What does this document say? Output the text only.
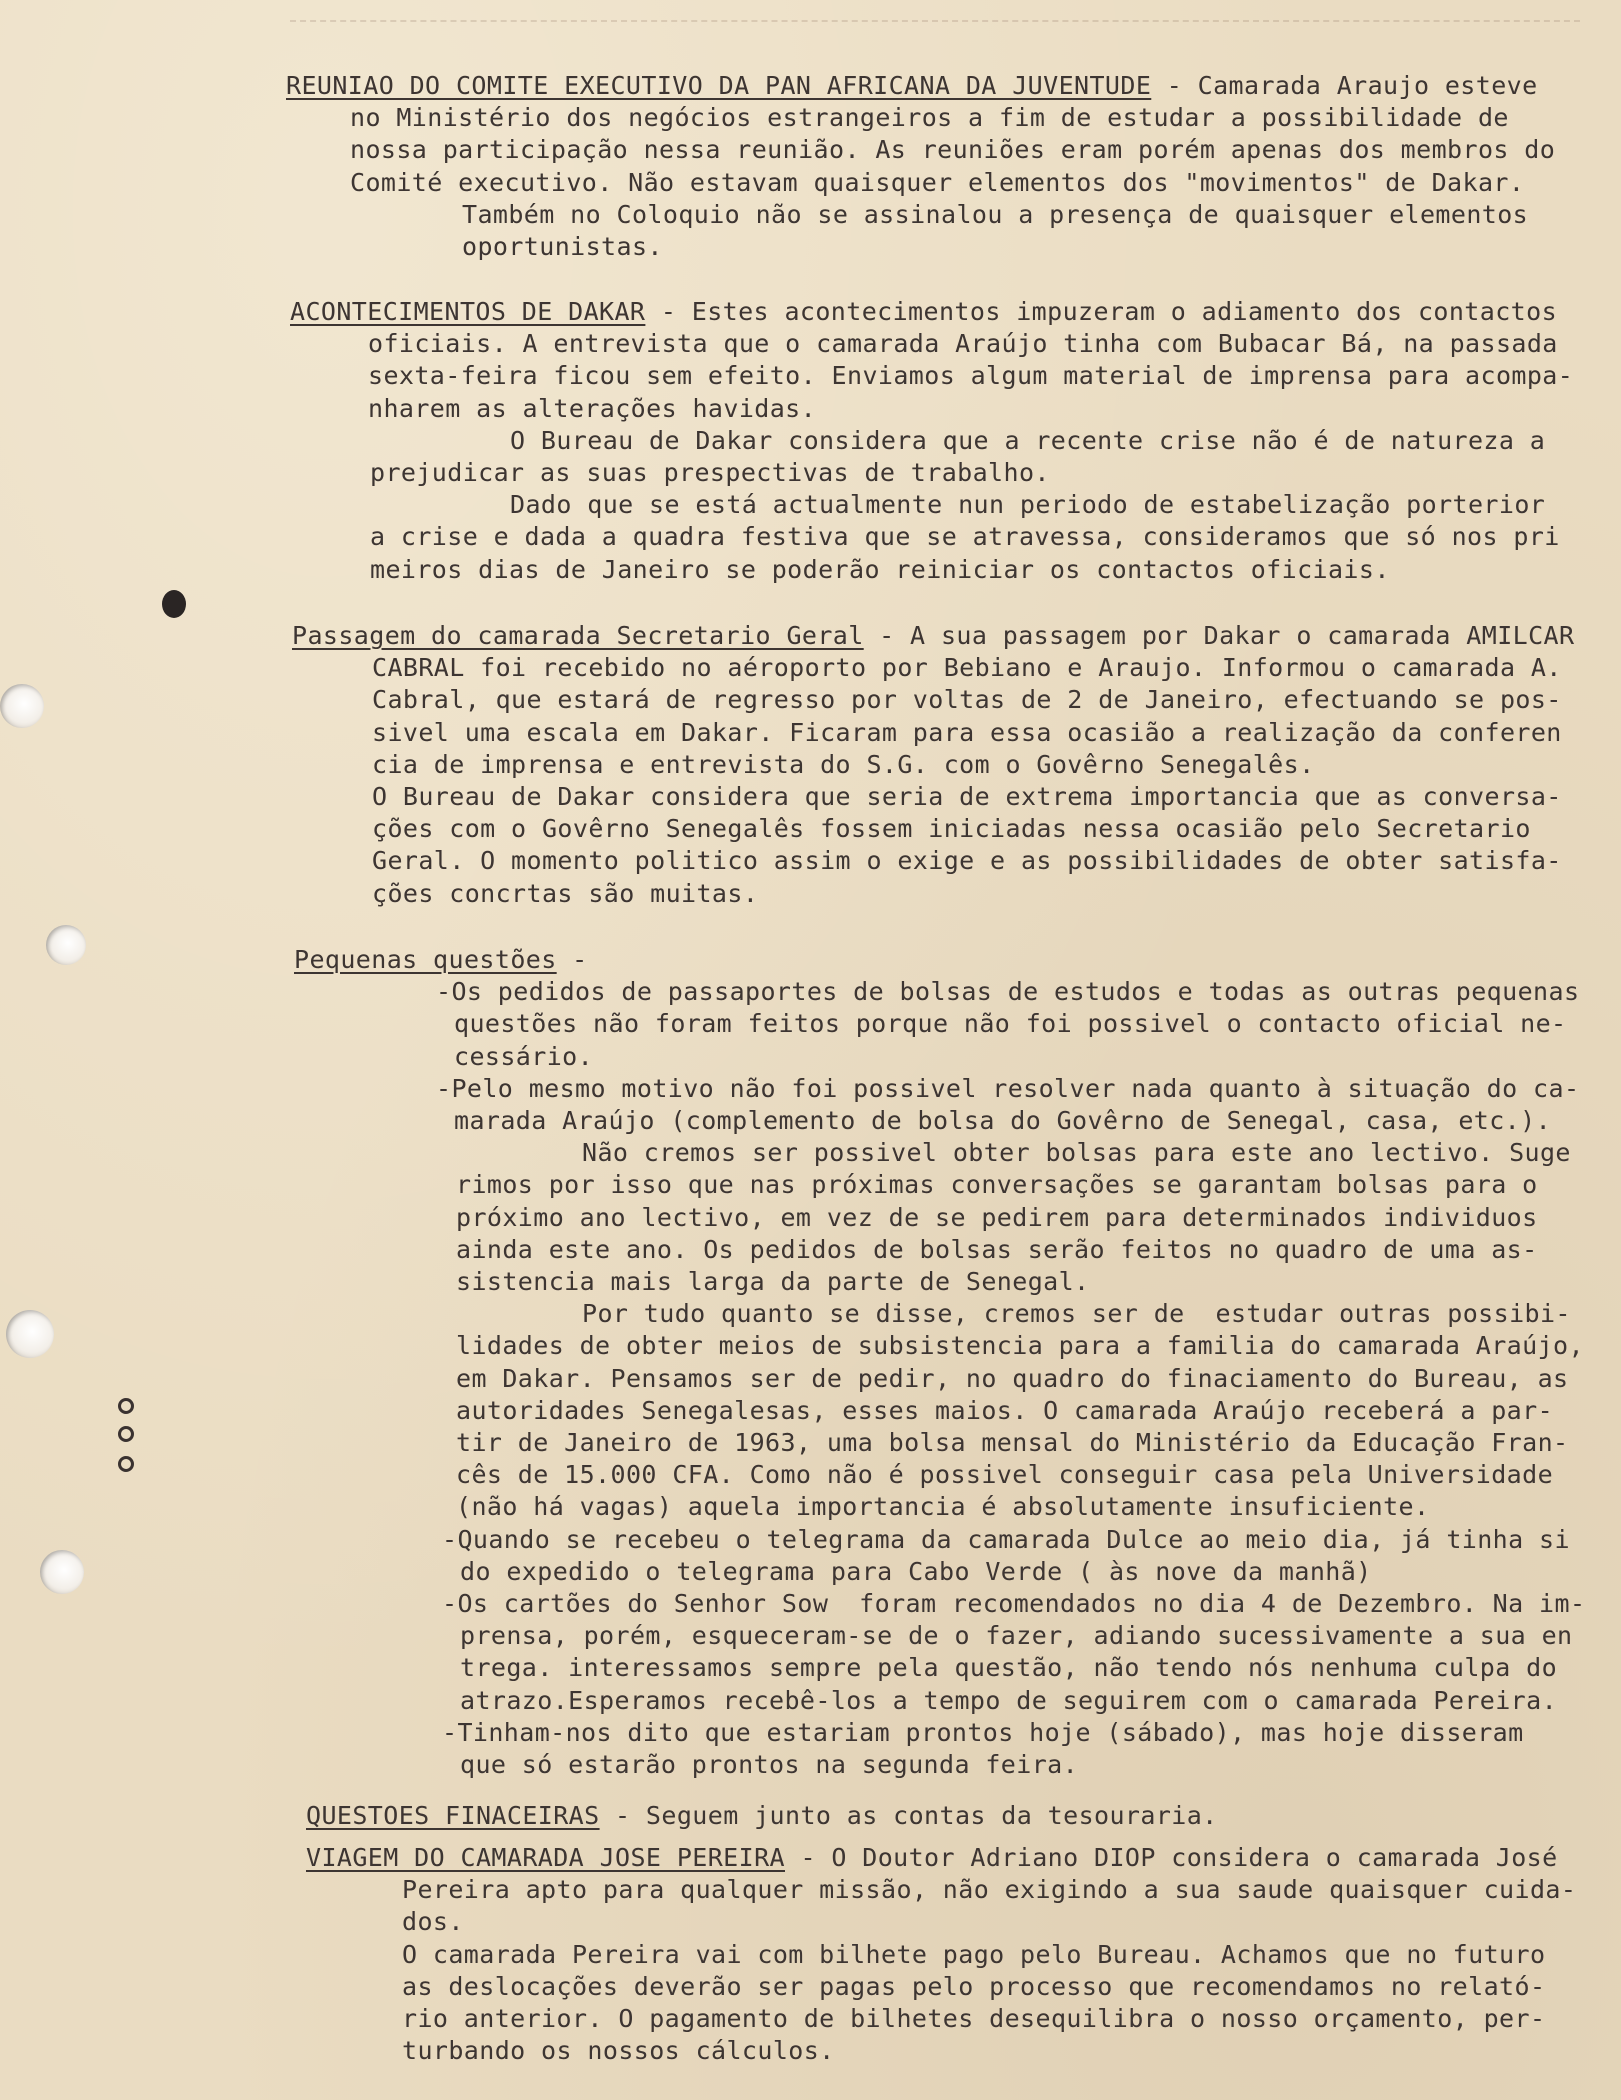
REUNIAO DO COMITE EXECUTIVO DA PAN AFRICANA DA JUVENTUDE - Camarada Araujo esteve

no Ministério dos negócios estrangeiros a fim de estudar a possibilidade de

nossa participação nessa reunião. As reuniões eram porém apenas dos membros do

Comité executivo. Não estavam quaisquer elementos dos "movimentos" de Dakar.

Também no Coloquio não se assinalou a presença de quaisquer elementos

oportunistas.

ACONTECIMENTOS DE DAKAR - Estes acontecimentos impuzeram o adiamento dos contactos

oficiais. A entrevista que o camarada Araújo tinha com Bubacar Bá, na passada

sexta-feira ficou sem efeito. Enviamos algum material de imprensa para acompa-

nharem as alterações havidas.

O Bureau de Dakar considera que a recente crise não é de natureza a

prejudicar as suas prespectivas de trabalho.

Dado que se está actualmente nun periodo de estabelização porterior

a crise e dada a quadra festiva que se atravessa, consideramos que só nos pri

meiros dias de Janeiro se poderão reiniciar os contactos oficiais.

Passagem do camarada Secretario Geral - A sua passagem por Dakar o camarada AMILCAR

CABRAL foi recebido no aéroporto por Bebiano e Araujo. Informou o camarada A.

Cabral, que estará de regresso por voltas de 2 de Janeiro, efectuando se pos-

sivel uma escala em Dakar. Ficaram para essa ocasião a realização da conferen

cia de imprensa e entrevista do S.G. com o Govêrno Senegalês.

O Bureau de Dakar considera que seria de extrema importancia que as conversa-

ções com o Govêrno Senegalês fossem iniciadas nessa ocasião pelo Secretario

Geral. O momento politico assim o exige e as possibilidades de obter satisfa-

ções concrtas são muitas.

Pequenas questões -

-Os pedidos de passaportes de bolsas de estudos e todas as outras pequenas

questões não foram feitos porque não foi possivel o contacto oficial ne-

cessário.

-Pelo mesmo motivo não foi possivel resolver nada quanto à situação do ca-

marada Araújo (complemento de bolsa do Govêrno de Senegal, casa, etc.).

Não cremos ser possivel obter bolsas para este ano lectivo. Suge

rimos por isso que nas próximas conversações se garantam bolsas para o

próximo ano lectivo, em vez de se pedirem para determinados individuos

ainda este ano. Os pedidos de bolsas serão feitos no quadro de uma as-

sistencia mais larga da parte de Senegal.

Por tudo quanto se disse, cremos ser de  estudar outras possibi-

lidades de obter meios de subsistencia para a familia do camarada Araújo,

em Dakar. Pensamos ser de pedir, no quadro do finaciamento do Bureau, as

autoridades Senegalesas, esses maios. O camarada Araújo receberá a par-

tir de Janeiro de 1963, uma bolsa mensal do Ministério da Educação Fran-

cês de 15.000 CFA. Como não é possivel conseguir casa pela Universidade

(não há vagas) aquela importancia é absolutamente insuficiente.

-Quando se recebeu o telegrama da camarada Dulce ao meio dia, já tinha si

do expedido o telegrama para Cabo Verde ( às nove da manhã)

-Os cartões do Senhor Sow  foram recomendados no dia 4 de Dezembro. Na im-

prensa, porém, esqueceram-se de o fazer, adiando sucessivamente a sua en

trega. interessamos sempre pela questão, não tendo nós nenhuma culpa do

atrazo.Esperamos recebê-los a tempo de seguirem com o camarada Pereira.

-Tinham-nos dito que estariam prontos hoje (sábado), mas hoje disseram

que só estarão prontos na segunda feira.

QUESTOES FINACEIRAS - Seguem junto as contas da tesouraria.

VIAGEM DO CAMARADA JOSE PEREIRA - O Doutor Adriano DIOP considera o camarada José

Pereira apto para qualquer missão, não exigindo a sua saude quaisquer cuida-

dos.

O camarada Pereira vai com bilhete pago pelo Bureau. Achamos que no futuro

as deslocações deverão ser pagas pelo processo que recomendamos no relató-

rio anterior. O pagamento de bilhetes desequilibra o nosso orçamento, per-

turbando os nossos cálculos.
